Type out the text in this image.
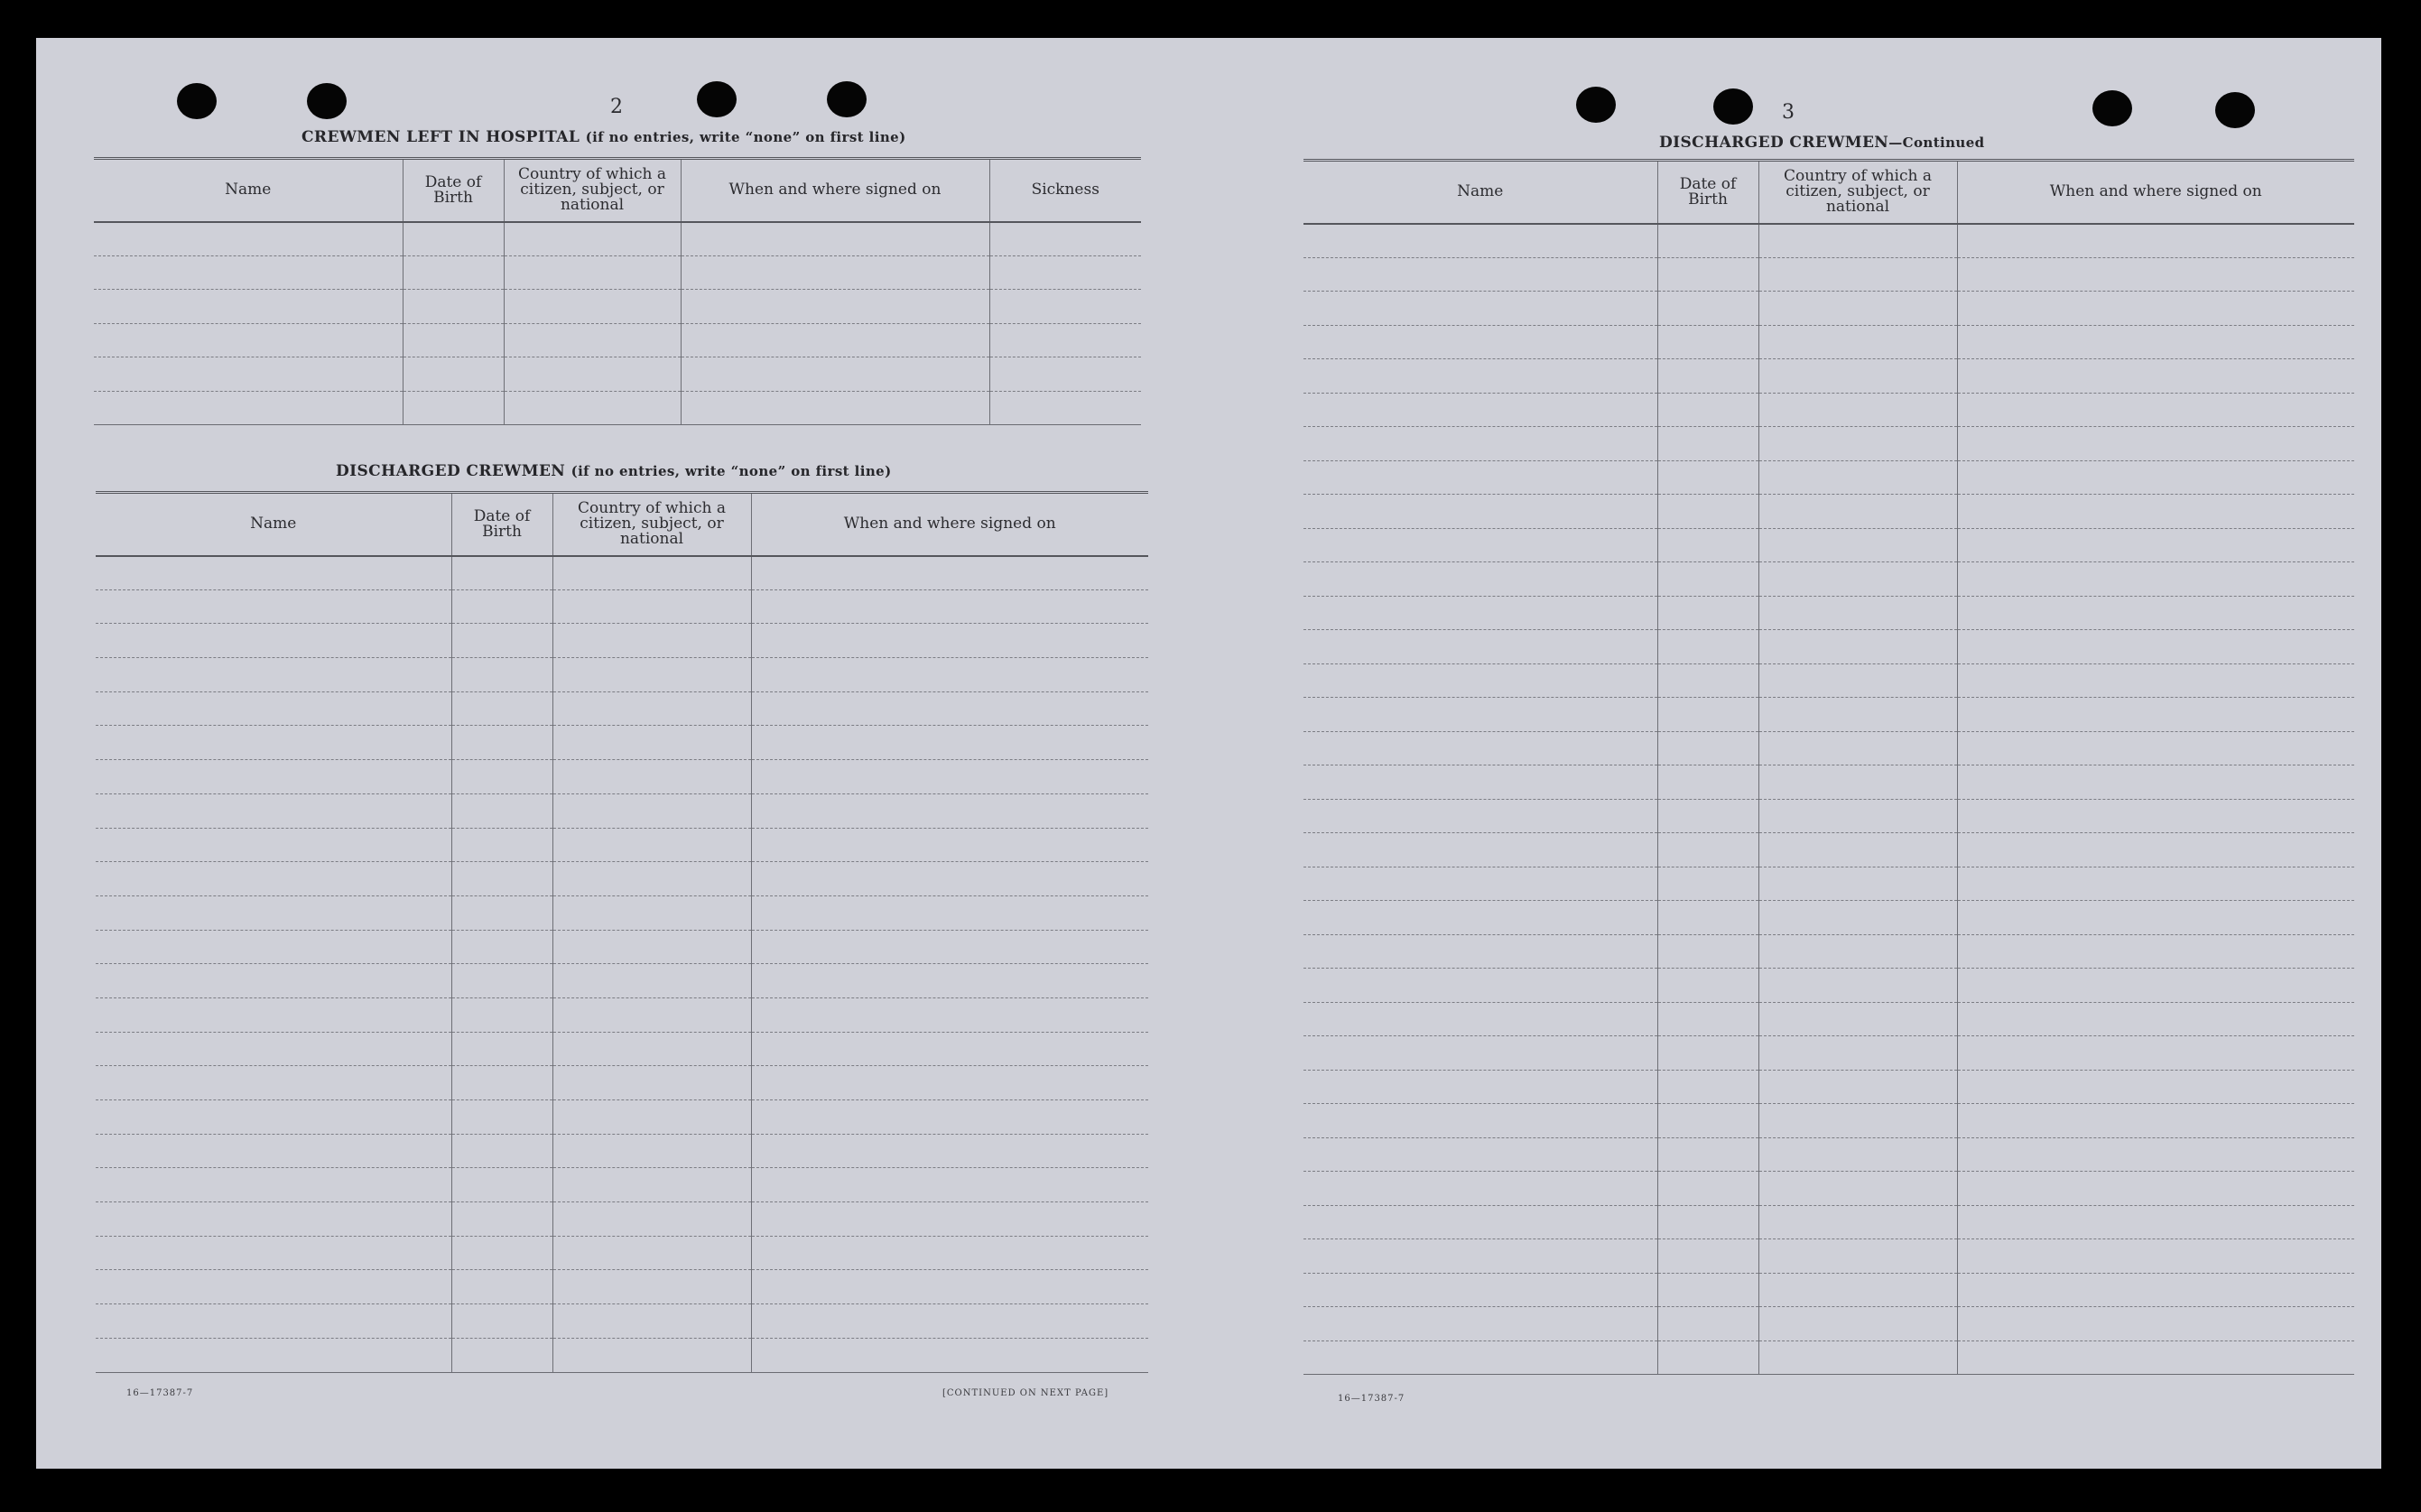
2
CREWMEN LEFT IN HOSPITAL (if no entries, write “none” on first line)
Name	Date of Birth	Country of which a citizen, subject, or national	When and where signed on	Sickness

DISCHARGED CREWMEN (if no entries, write “none” on first line)
Name	Date of Birth	Country of which a citizen, subject, or national	When and where signed on

16—17387-7	[CONTINUED ON NEXT PAGE]
3
DISCHARGED CREWMEN—Continued
Name	Date of Birth	Country of which a citizen, subject, or national	When and where signed on

16—17387-7
